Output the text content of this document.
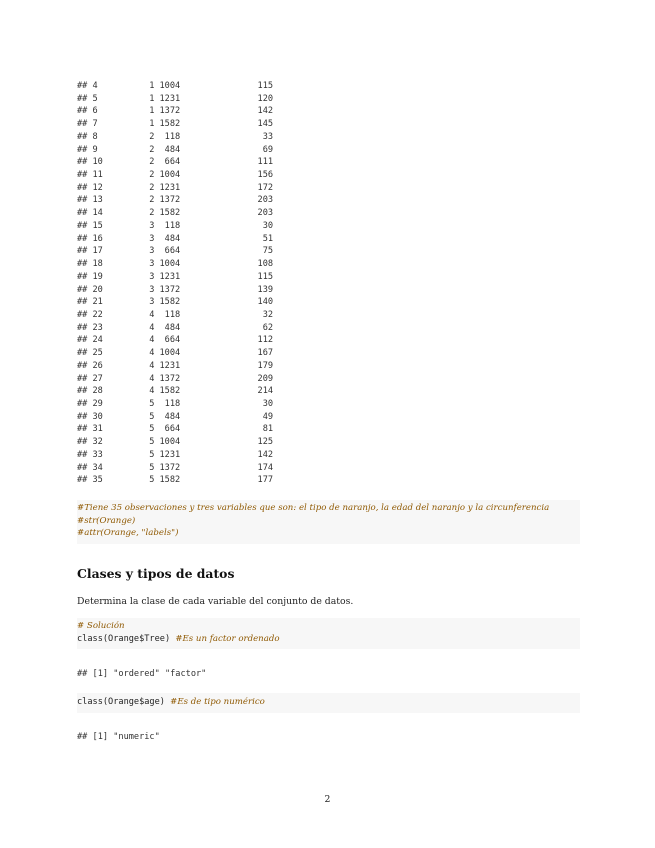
## 4	1 1004	115
## 5	1 1231	120
## 6	1 1372	142
## 7	1 1582	145
## 8	2 118	33
## 9	2 484	69
## 10	2 664	111
## 11	2 1004	156
## 12	2 1231	172
## 13	2 1372	203
## 14	2 1582	203
## 15	3 118	30
## 16	3 484	51
## 17	3 664	75
## 18	3 1004	108
## 19	3 1231	115
## 20	3 1372	139
## 21	3 1582	140
## 22	4 118	32
## 23	4 484	62
## 24	4 664	112
## 25	4 1004	167
## 26	4 1231	179
## 27	4 1372	209
## 28	4 1582	214
## 29	5 118	30
## 30	5 484	49
## 31	5 664	81
## 32	5 1004	125
## 33	5 1231	142
## 34	5 1372	174
## 35	5 1582	177
#Tiene 35 observaciones y tres variables que son: el tipo de naranjo, la edad del naranjo y la circunferencia
#str(Orange)
#attr(Orange, "labels")
Clases y tipos de datos

Determina la clase de cada variable del conjunto de datos.

# Solución
class(Orange$Tree) #Es un factor ordenado
## [1] "ordered" "factor"
class(Orange$age) #Es de tipo numérico
## [1] "numeric"
2
